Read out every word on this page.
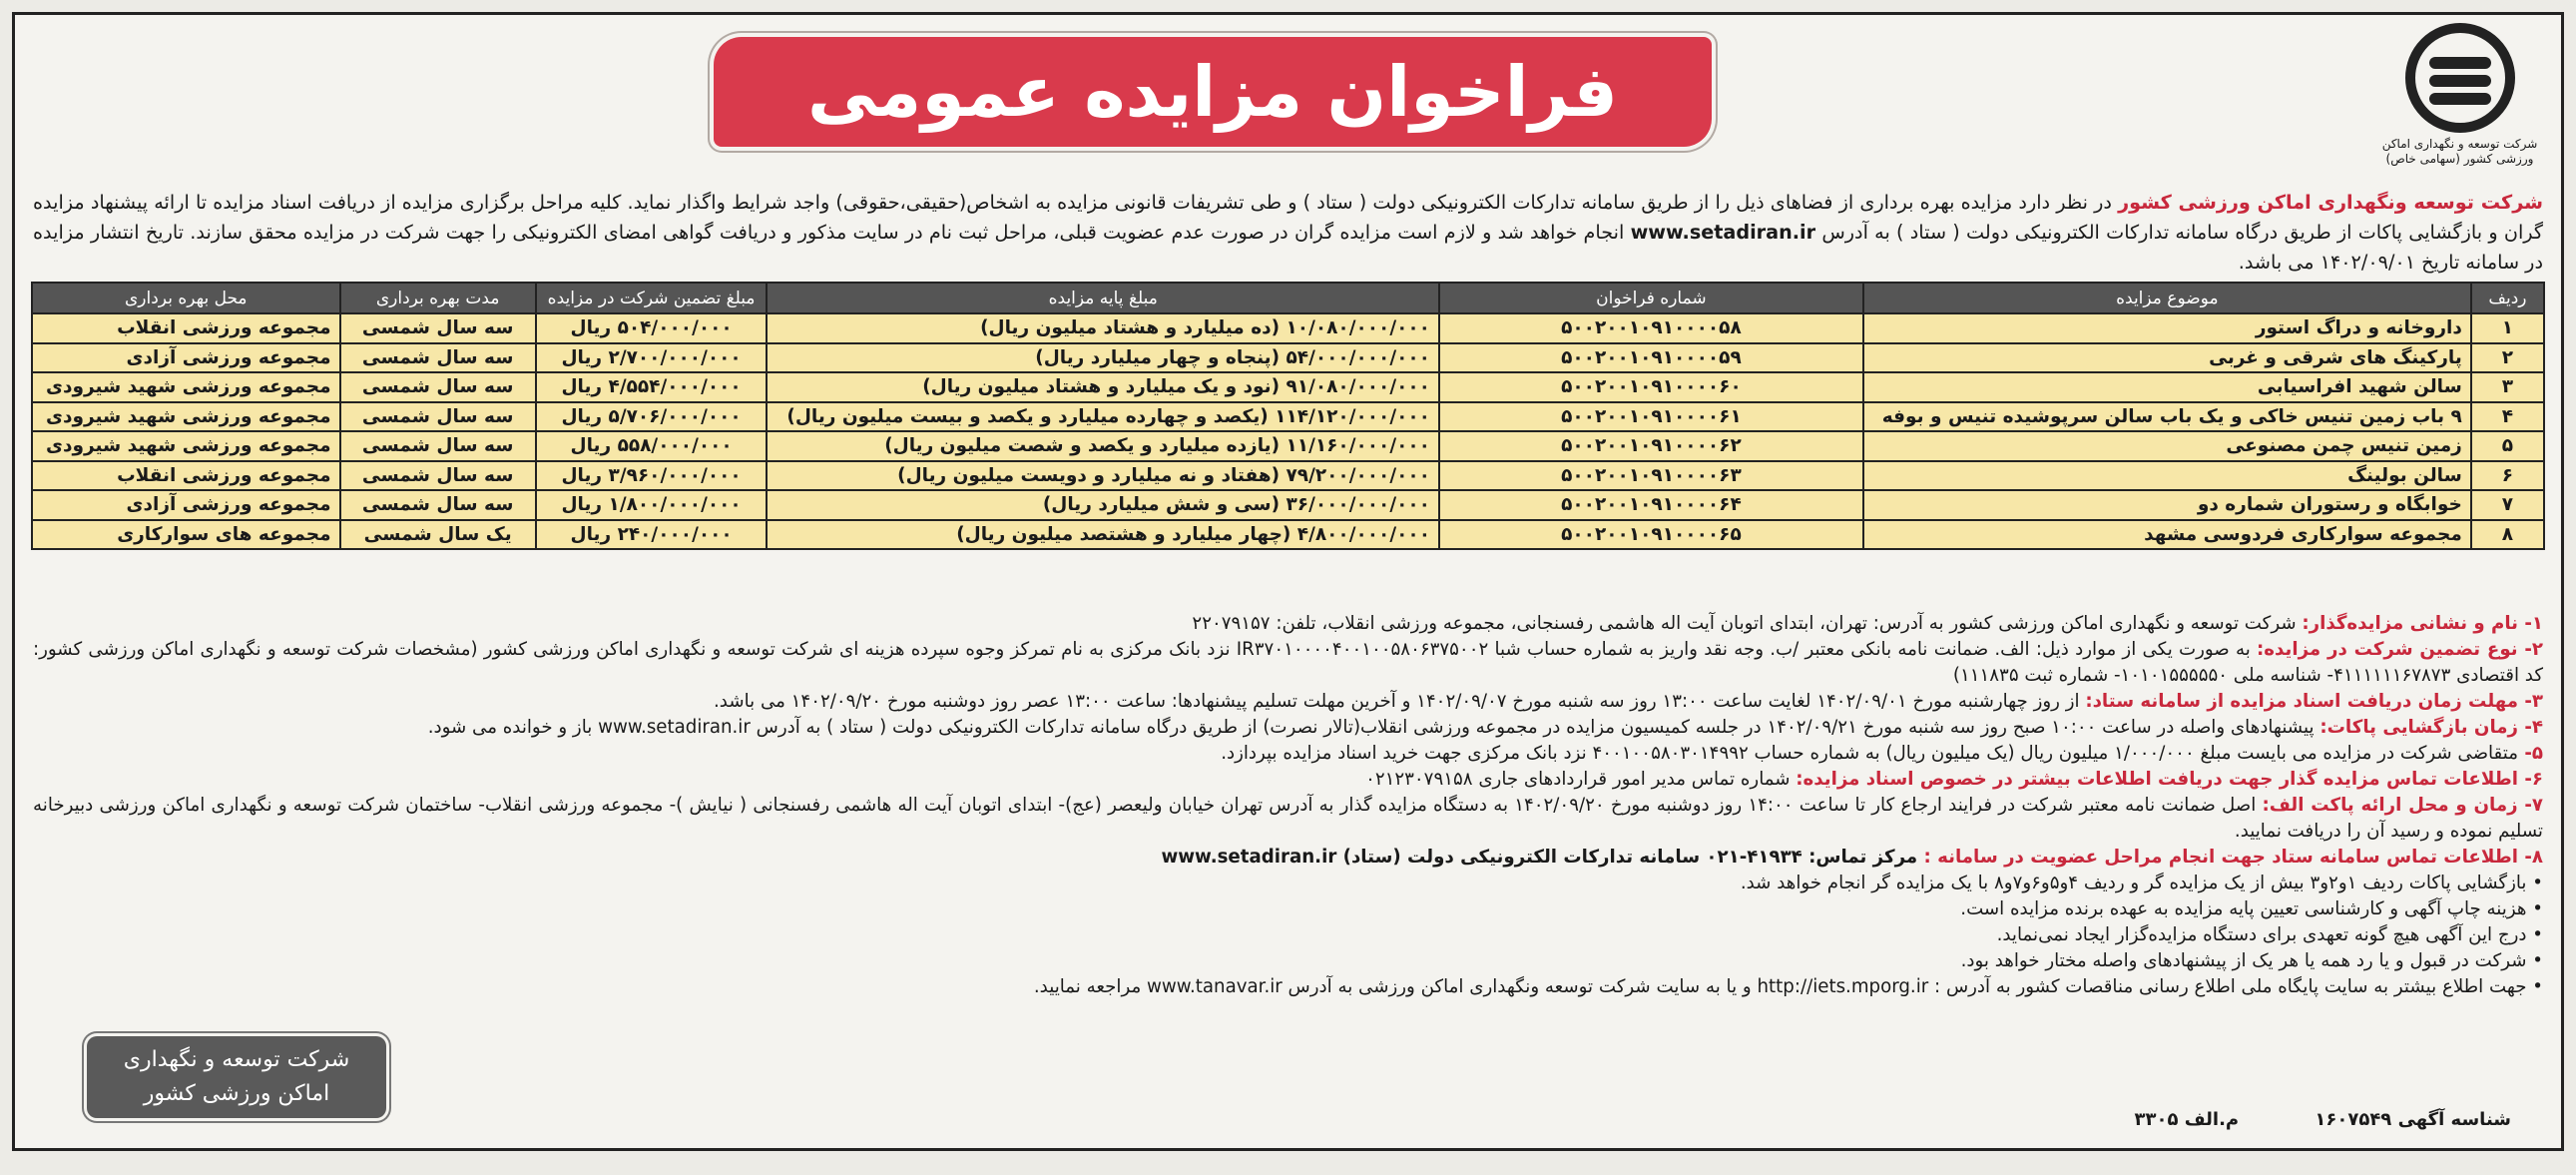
شرکت توسعه و نگهداری اماکن ورزشی کشور (سهامی خاص)
فراخوان مزایده عمومی
شرکت توسعه ونگهداری اماکن ورزشی کشور در نظر دارد مزایده بهره برداری از فضاهای ذیل را از طریق سامانه تدارکات الکترونیکی دولت ( ستاد ) و طی تشریفات قانونی مزایده به اشخاص(حقیقی،حقوقی) واجد شرایط واگذار نماید. کلیه مراحل برگزاری مزایده از دریافت اسناد مزایده تا ارائه پیشنهاد مزایده گران و بازگشایی پاکات از طریق درگاه سامانه تدارکات الکترونیکی دولت ( ستاد ) به آدرس www.setadiran.ir انجام خواهد شد و لازم است مزایده گران در صورت عدم عضویت قبلی، مراحل ثبت نام در سایت مذکور و دریافت گواهی امضای الکترونیکی را جهت شرکت در مزایده محقق سازند. تاریخ انتشار مزایده در سامانه تاریخ ۱۴۰۲/۰۹/۰۱ می باشد.
ردیف	موضوع مزایده	شماره فراخوان	مبلغ پایه مزایده	مبلغ تضمین شرکت در مزایده	مدت بهره برداری	محل بهره برداری
۱	داروخانه و دراگ استور	۵۰۰۲۰۰۱۰۹۱۰۰۰۰۵۸	۱۰/۰۸۰/۰۰۰/۰۰۰ (ده میلیارد و هشتاد میلیون ریال)	۵۰۴/۰۰۰/۰۰۰ ریال	سه سال شمسی	مجموعه ورزشی انقلاب
۲	پارکینگ های شرقی و غربی	۵۰۰۲۰۰۱۰۹۱۰۰۰۰۵۹	۵۴/۰۰۰/۰۰۰/۰۰۰ (پنجاه و چهار میلیارد ریال)	۲/۷۰۰/۰۰۰/۰۰۰ ریال	سه سال شمسی	مجموعه ورزشی آزادی
۳	سالن شهید افراسیابی	۵۰۰۲۰۰۱۰۹۱۰۰۰۰۶۰	۹۱/۰۸۰/۰۰۰/۰۰۰ (نود و یک میلیارد و هشتاد میلیون ریال)	۴/۵۵۴/۰۰۰/۰۰۰ ریال	سه سال شمسی	مجموعه ورزشی شهید شیرودی
۴	۹ باب زمین تنیس خاکی و یک باب سالن سرپوشیده تنیس و بوفه	۵۰۰۲۰۰۱۰۹۱۰۰۰۰۶۱	۱۱۴/۱۲۰/۰۰۰/۰۰۰ (یکصد و چهارده میلیارد و یکصد و بیست میلیون ریال)	۵/۷۰۶/۰۰۰/۰۰۰ ریال	سه سال شمسی	مجموعه ورزشی شهید شیرودی
۵	زمین تنیس چمن مصنوعی	۵۰۰۲۰۰۱۰۹۱۰۰۰۰۶۲	۱۱/۱۶۰/۰۰۰/۰۰۰ (یازده میلیارد و یکصد و شصت میلیون ریال)	۵۵۸/۰۰۰/۰۰۰ ریال	سه سال شمسی	مجموعه ورزشی شهید شیرودی
۶	سالن بولینگ	۵۰۰۲۰۰۱۰۹۱۰۰۰۰۶۳	۷۹/۲۰۰/۰۰۰/۰۰۰ (هفتاد و نه میلیارد و دویست میلیون ریال)	۳/۹۶۰/۰۰۰/۰۰۰ ریال	سه سال شمسی	مجموعه ورزشی انقلاب
۷	خوابگاه و رستوران شماره دو	۵۰۰۲۰۰۱۰۹۱۰۰۰۰۶۴	۳۶/۰۰۰/۰۰۰/۰۰۰ (سی و شش میلیارد ریال)	۱/۸۰۰/۰۰۰/۰۰۰ ریال	سه سال شمسی	مجموعه ورزشی آزادی
۸	مجموعه سوارکاری فردوسی مشهد	۵۰۰۲۰۰۱۰۹۱۰۰۰۰۶۵	۴/۸۰۰/۰۰۰/۰۰۰ (چهار میلیارد و هشتصد میلیون ریال)	۲۴۰/۰۰۰/۰۰۰ ریال	یک سال شمسی	مجموعه های سوارکاری

۱- نام و نشانی مزایده‌گذار: شرکت توسعه و نگهداری اماکن ورزشی کشور به آدرس: تهران، ابتدای اتوبان آیت اله هاشمی رفسنجانی، مجموعه ورزشی انقلاب، تلفن: ۲۲۰۷۹۱۵۷

۲- نوع تضمین شرکت در مزایده: به صورت یکی از موارد ذیل: الف. ضمانت نامه بانکی معتبر /ب. وجه نقد واریز به شماره حساب شبا IR۳۷۰۱۰۰۰۰۴۰۰۱۰۰۵۸۰۶۳۷۵۰۰۲ نزد بانک مرکزی به نام تمرکز وجوه سپرده هزینه ای شرکت توسعه و نگهداری اماکن ورزشی کشور (مشخصات شرکت توسعه و نگهداری اماکن ورزشی کشور: کد اقتصادی ۴۱۱۱۱۱۱۶۷۸۷۳- شناسه ملی ۱۰۱۰۱۵۵۵۵۵۰- شماره ثبت ۱۱۱۸۳۵)

۳- مهلت زمان دریافت اسناد مزایده از سامانه ستاد: از روز چهارشنبه مورخ ۱۴۰۲/۰۹/۰۱ لغایت ساعت ۱۳:۰۰ روز سه شنبه مورخ ۱۴۰۲/۰۹/۰۷ و آخرین مهلت تسلیم پیشنهادها: ساعت ۱۳:۰۰ عصر روز دوشنبه مورخ ۱۴۰۲/۰۹/۲۰ می باشد.

۴- زمان بازگشایی پاکات: پیشنهادهای واصله در ساعت ۱۰:۰۰ صبح روز سه شنبه مورخ ۱۴۰۲/۰۹/۲۱ در جلسه کمیسیون مزایده در مجموعه ورزشی انقلاب(تالار نصرت) از طریق درگاه سامانه تدارکات الکترونیکی دولت ( ستاد ) به آدرس www.setadiran.ir باز و خوانده می شود.

۵- متقاضی شرکت در مزایده می بایست مبلغ ۱/۰۰۰/۰۰۰ میلیون ریال (یک میلیون ریال) به شماره حساب ۴۰۰۱۰۰۵۸۰۳۰۱۴۹۹۲ نزد بانک مرکزی جهت خرید اسناد مزایده بپردازد.

۶- اطلاعات تماس مزایده گذار جهت دریافت اطلاعات بیشتر در خصوص اسناد مزایده: شماره تماس مدیر امور قراردادهای جاری ۰۲۱۲۳۰۷۹۱۵۸

۷- زمان و محل ارائه پاکت الف: اصل ضمانت نامه معتبر شرکت در فرایند ارجاع کار تا ساعت ۱۴:۰۰ روز دوشنبه مورخ ۱۴۰۲/۰۹/۲۰ به دستگاه مزایده گذار به آدرس تهران خیابان ولیعصر (عج)- ابتدای اتوبان آیت اله هاشمی رفسنجانی ( نیایش )- مجموعه ورزشی انقلاب- ساختمان شرکت توسعه و نگهداری اماکن ورزشی دبیرخانه تسلیم نموده و رسید آن را دریافت نمایید.

۸- اطلاعات تماس سامانه ستاد جهت انجام مراحل عضویت در سامانه : مرکز تماس: ۴۱۹۳۴-۰۲۱ سامانه تدارکات الکترونیکی دولت (ستاد) www.setadiran.ir

• بازگشایی پاکات ردیف ۱و۲و۳ بیش از یک مزایده گر و ردیف ۴و۵و۶و۷و۸ با یک مزایده گر انجام خواهد شد.

• هزینه چاپ آگهی و کارشناسی تعیین پایه مزایده به عهده برنده مزایده است.

• درج این آگهی هیچ گونه تعهدی برای دستگاه مزایده‌گزار ایجاد نمی‌نماید.

• شرکت در قبول و یا رد همه یا هر یک از پیشنهادهای واصله مختار خواهد بود.

• جهت اطلاع بیشتر به سایت پایگاه ملی اطلاع رسانی مناقصات کشور به آدرس : http://iets.mporg.ir و یا به سایت شرکت توسعه ونگهداری اماکن ورزشی به آدرس www.tanavar.ir مراجعه نمایید.

شناسه آگهی ۱۶۰۷۵۴۹ م.الف ۳۳۰۵
شرکت توسعه و نگهداری
اماکن ورزشی کشور
